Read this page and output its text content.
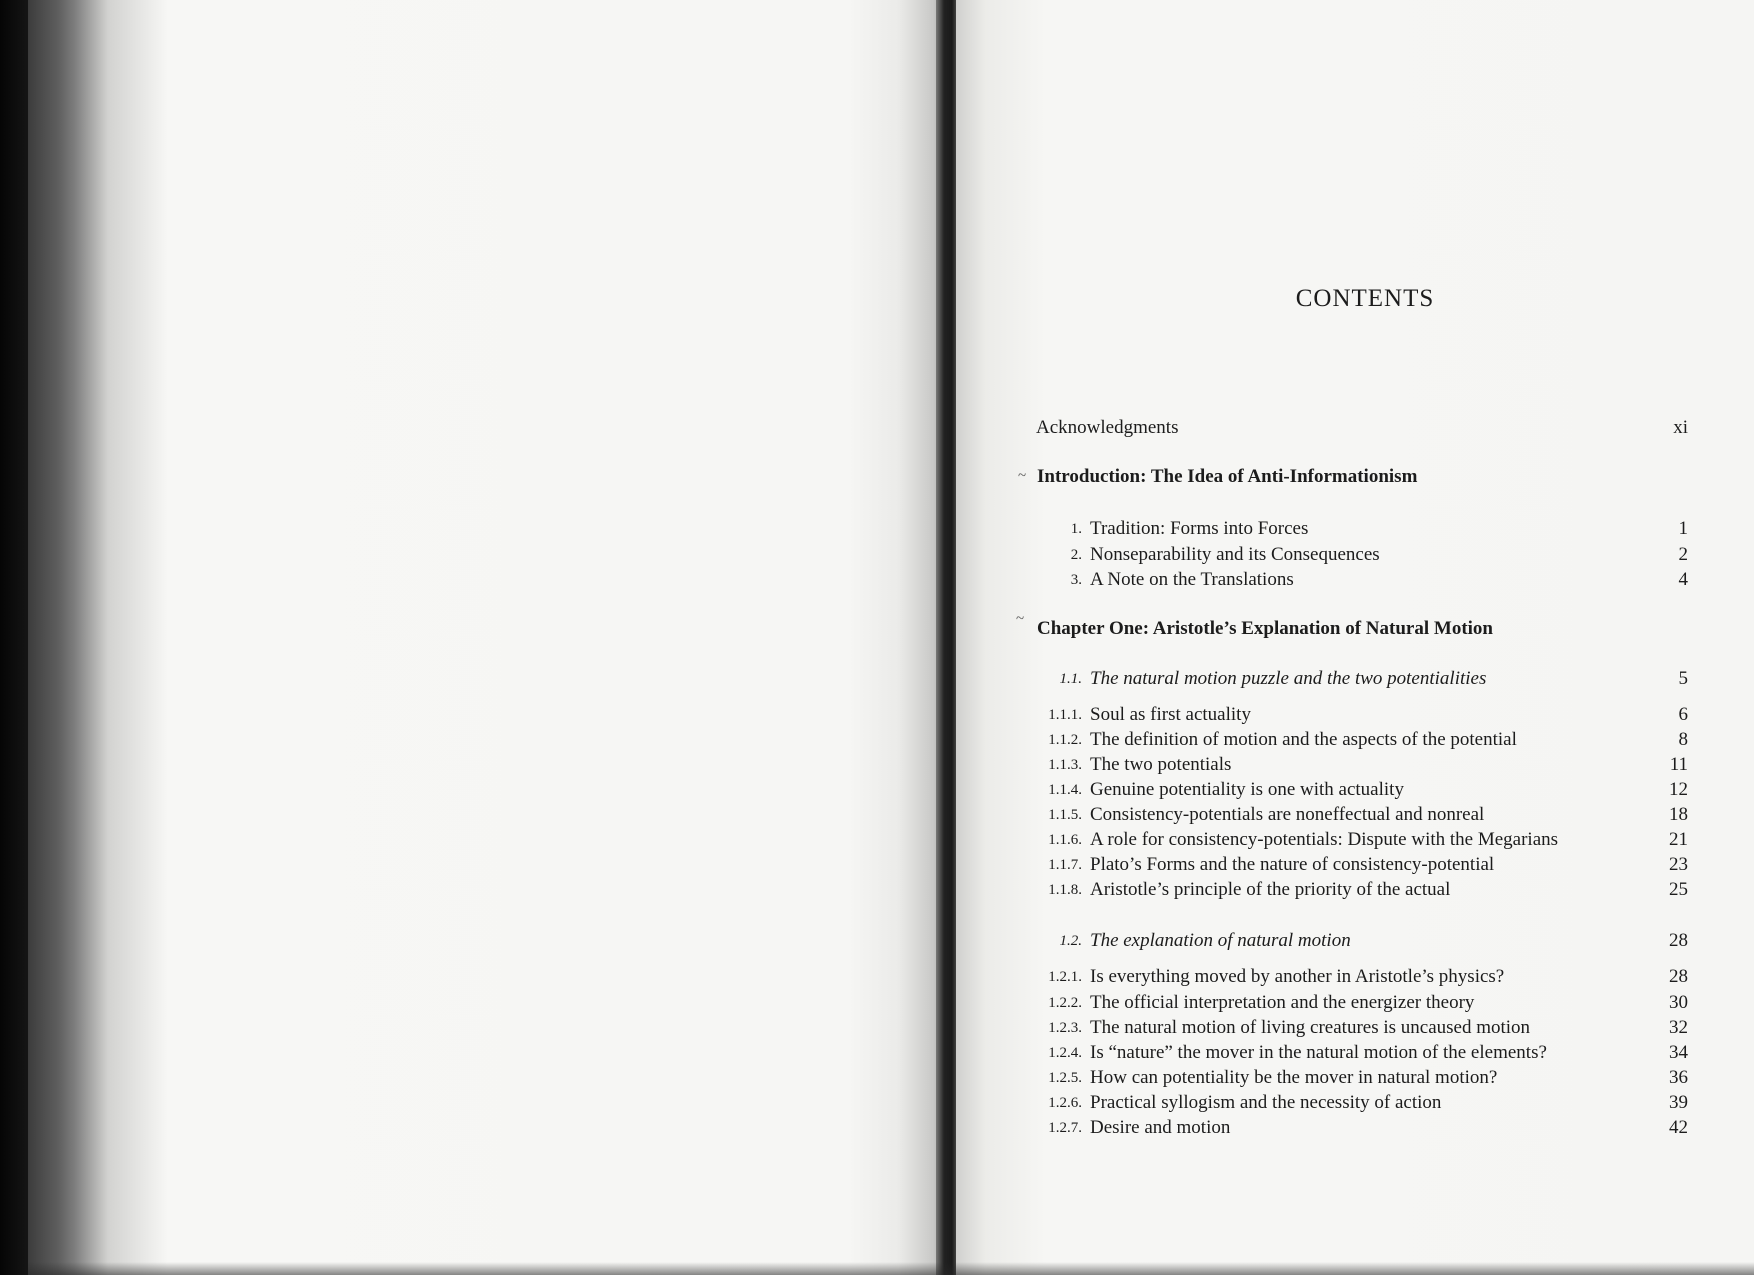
CONTENTS
~
~
Acknowledgments	xi
Introduction: The Idea of Anti-Informationism
1. Tradition: Forms into Forces	1
2. Nonseparability and its Consequences	2
3. A Note on the Translations	4
Chapter One: Aristotle’s Explanation of Natural Motion
1.1. The natural motion puzzle and the two potentialities	5
1.1.1. Soul as first actuality	6
1.1.2. The definition of motion and the aspects of the potential	8
1.1.3. The two potentials	11
1.1.4. Genuine potentiality is one with actuality	12
1.1.5. Consistency-potentials are noneffectual and nonreal	18
1.1.6. A role for consistency-potentials: Dispute with the Megarians	21
1.1.7. Plato’s Forms and the nature of consistency-potential	23
1.1.8. Aristotle’s principle of the priority of the actual	25
1.2. The explanation of natural motion	28
1.2.1. Is everything moved by another in Aristotle’s physics?	28
1.2.2. The official interpretation and the energizer theory	30
1.2.3. The natural motion of living creatures is uncaused motion	32
1.2.4. Is “nature” the mover in the natural motion of the elements?	34
1.2.5. How can potentiality be the mover in natural motion?	36
1.2.6. Practical syllogism and the necessity of action	39
1.2.7. Desire and motion	42
